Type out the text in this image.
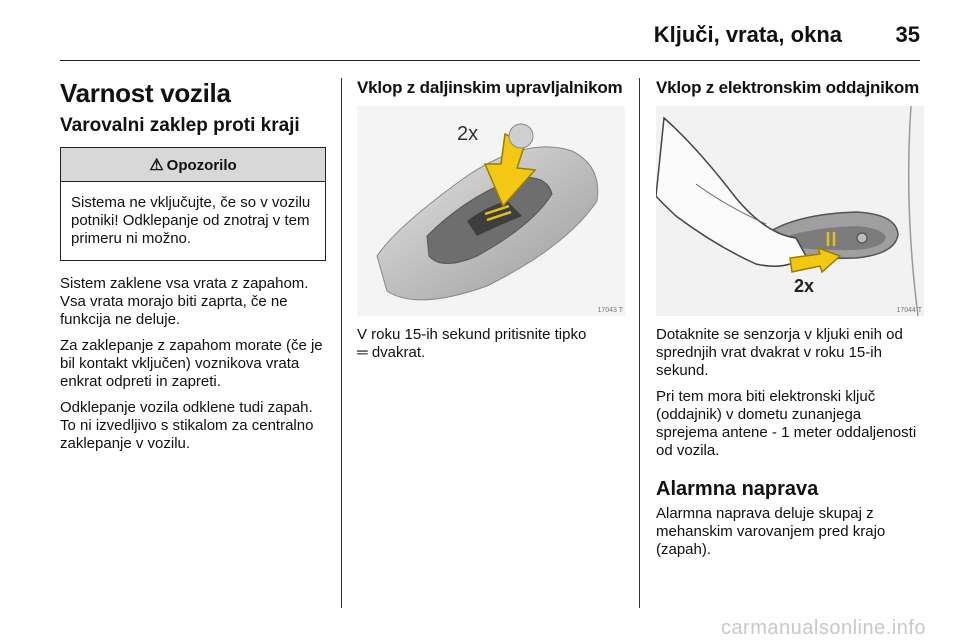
Ključi, vrata, okna 35
Varnost vozila
Varovalni zaklep proti kraji
⚠ Opozorilo
Sistema ne vključujte, če so v vozilu potniki! Odklepanje od znotraj v tem primeru ni možno.

Sistem zaklene vsa vrata z zapahom. Vsa vrata morajo biti zaprta, če ne funkcija ne deluje.

Za zaklepanje z zapahom morate (če je bil kontakt vključen) voznikova vrata enkrat odpreti in zapreti.

Odklepanje vozila odklene tudi zapah. To ni izvedljivo s stikalom za centralno zaklepanje v vozilu.

Vklop z daljinskim upravljalnikom
2x
17043 T

V roku 15-ih sekund pritisnite tipko
═ dvakrat.

Vklop z elektronskim oddajnikom
2x
17044 T

Dotaknite se senzorja v kljuki enih od sprednjih vrat dvakrat v roku 15-ih sekund.

Pri tem mora biti elektronski ključ (oddajnik) v dometu zunanjega sprejema antene - 1 meter oddaljenosti od vozila.

Alarmna naprava

Alarmna naprava deluje skupaj z mehanskim varovanjem pred krajo (zapah).

carmanualsonline.info
